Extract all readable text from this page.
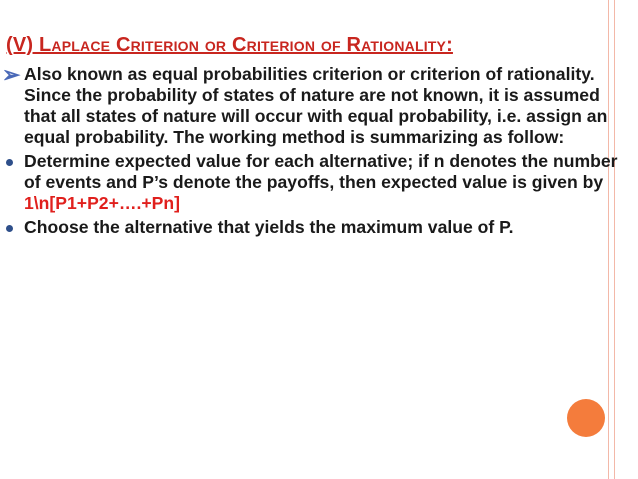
(V) Laplace Criterion or Criterion of Rationality:

➢ Also known as equal probabilities criterion or criterion of rationality. Since the probability of states of nature are not known, it is assumed that all states of nature will occur with equal probability, i.e. assign an equal probability. The working method is summarizing as follow:

Determine expected value for each alternative; if n denotes the number of events and P’s denote the payoffs, then expected value is given by 1\n[P1+P2+….+Pn]

Choose the alternative that yields the maximum value of P.
